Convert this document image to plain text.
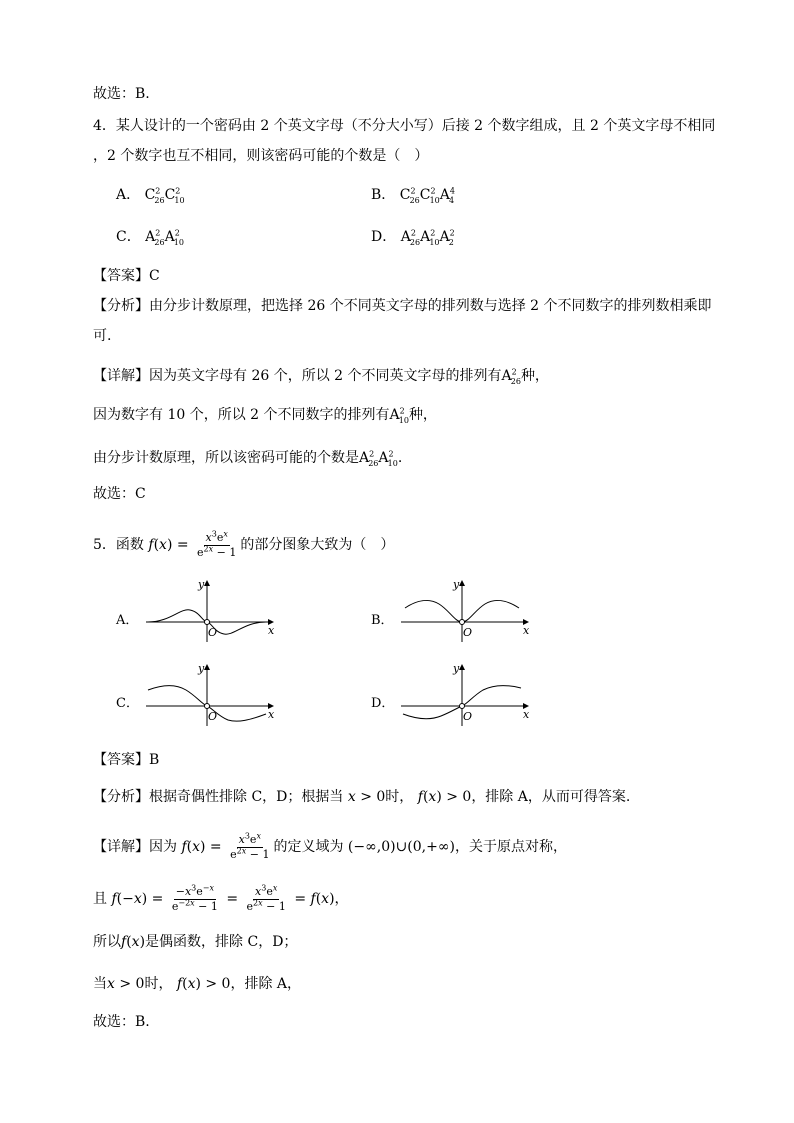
故选：B.
4．某人设计的一个密码由 2 个英文字母（不分大小写）后接 2 个数字组成，且 2 个英文字母不相同
，2 个数字也互不相同，则该密码可能的个数是（　）
A． $C^2_{26}C^2_{10}$	B． $C^2_{26}C^2_{10}A^4_4$
C． $A^2_{26}A^2_{10}$	D． $A^2_{26}A^2_{10}A^2_2$
【答案】C
【分析】由分步计数原理，把选择 26 个不同英文字母的排列数与选择 2 个不同数字的排列数相乘即
可.
【详解】因为英文字母有 26 个，所以 2 个不同英文字母的排列有$A^2_{26}$种，
因为数字有 10 个，所以 2 个不同数字的排列有$A^2_{10}$种，
由分步计数原理，所以该密码可能的个数是$A^2_{26}A^2_{10}$.
故选：C
5．函数 $f(x) = \frac{x^3e^x}{e^{2x} - 1}$ 的部分图象大致为（　）
A．	B．
C．	D．
y
x
O
y
x
O
y
x
O
y
x
O
【答案】B
【分析】根据奇偶性排除 C，D；根据当 x > 0时， f(x) > 0，排除 A，从而可得答案.
【详解】因为 $f(x) = \frac{x^3e^x}{e^{2x} - 1}$ 的定义域为 (−∞,0)∪(0,+∞)，关于原点对称，
且 $f(-x) = \frac{-x^3e^{-x}}{e^{-2x} - 1} = \frac{x^3e^x}{e^{2x} - 1} = f(x)$，
所以f(x)是偶函数，排除 C，D；
当x > 0时， f(x) > 0，排除 A，
故选：B.
